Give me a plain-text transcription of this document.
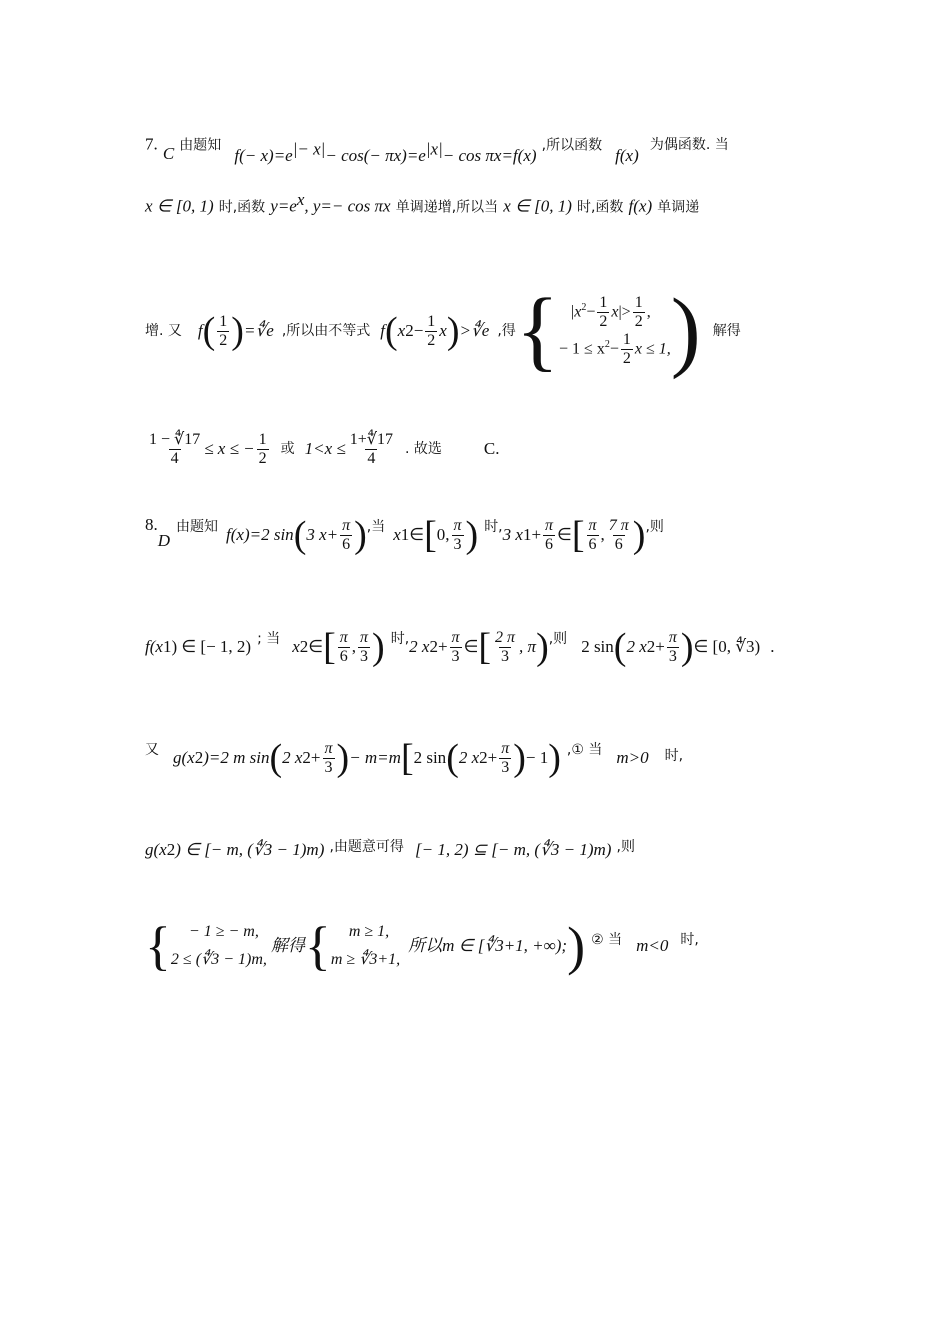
7. C 由题知 $f(- x)=e^{|- x|}- \cos(- \pi x)=e^{|x|}- \cos \pi x=f(x)$ ,所以函数 f(x) 为偶函数. 当
x ∈ [0, 1) 时,函数 $y=e^x$, y=− cos πx 单调递增,所以当 x ∈ [0, 1) 时,函数 f(x) 单调递
增. 又 f ( $\frac{1}{2}$ ) =∜e ,所以由不等式 f ( x $2 - \frac{1}{2}$ x ) >∜e ,得 { $|x^2- \frac{1}{2} x|> \frac{1}{2}$ ,
− $1 \le x^2- \frac{1}{2}$ x ≤ 1, ) 解得
$\frac{1 - ∜17}{4} \le x$ ≤ − $\frac{1}{2}$ 或 $1<x \le \frac{1+∜17}{4}$ . 故选 C.
8.
D
由题知 f(x)=2 sin ( 3 $x+ \frac{\pi}{6}$ ) ,当 x 1 ∈ [ 0, $\frac{\pi}{3}$ ) 时, 3 x $1 + \frac{\pi}{6}$ ∈ [ $\frac{\pi}{6}$ , $\frac{7 \pi}{6}$ ) ,则
f(x 1 ) ∈ [− 1, 2) ; 当 x 2 ∈ [ $\frac{\pi}{6}$ , $\frac{\pi}{3}$ ) 时, 2 x $2 + \frac{\pi}{3}$ ∈ [ $\frac{2 \pi}{3}$ , π ) ,则 2 sin ( 2 x $2 + \frac{\pi}{3}$ ) ∈ [0, ∜3) .
又 g(x 2 )=2 m sin ( 2 x $2 + \frac{\pi}{3}$ ) − m=m [ 2 sin ( 2 x $2 + \frac{\pi}{3}$ ) − 1 ) ,① 当 m>0 时,
$g(x_2)$ ∈ [− m, (∜3 − 1)m) ,由题意可得 [− 1, 2) ⊆ [− m, (∜3 − 1)m) ,则
{	− 1 ≥ − m,
2 ≤ (∜3 − 1)m,
解得 {	m ≥ 1,
m ≥ ∜3+1,
所以 m ∈ [∜3+1, +∞); ) ② 当 m<0 时,
